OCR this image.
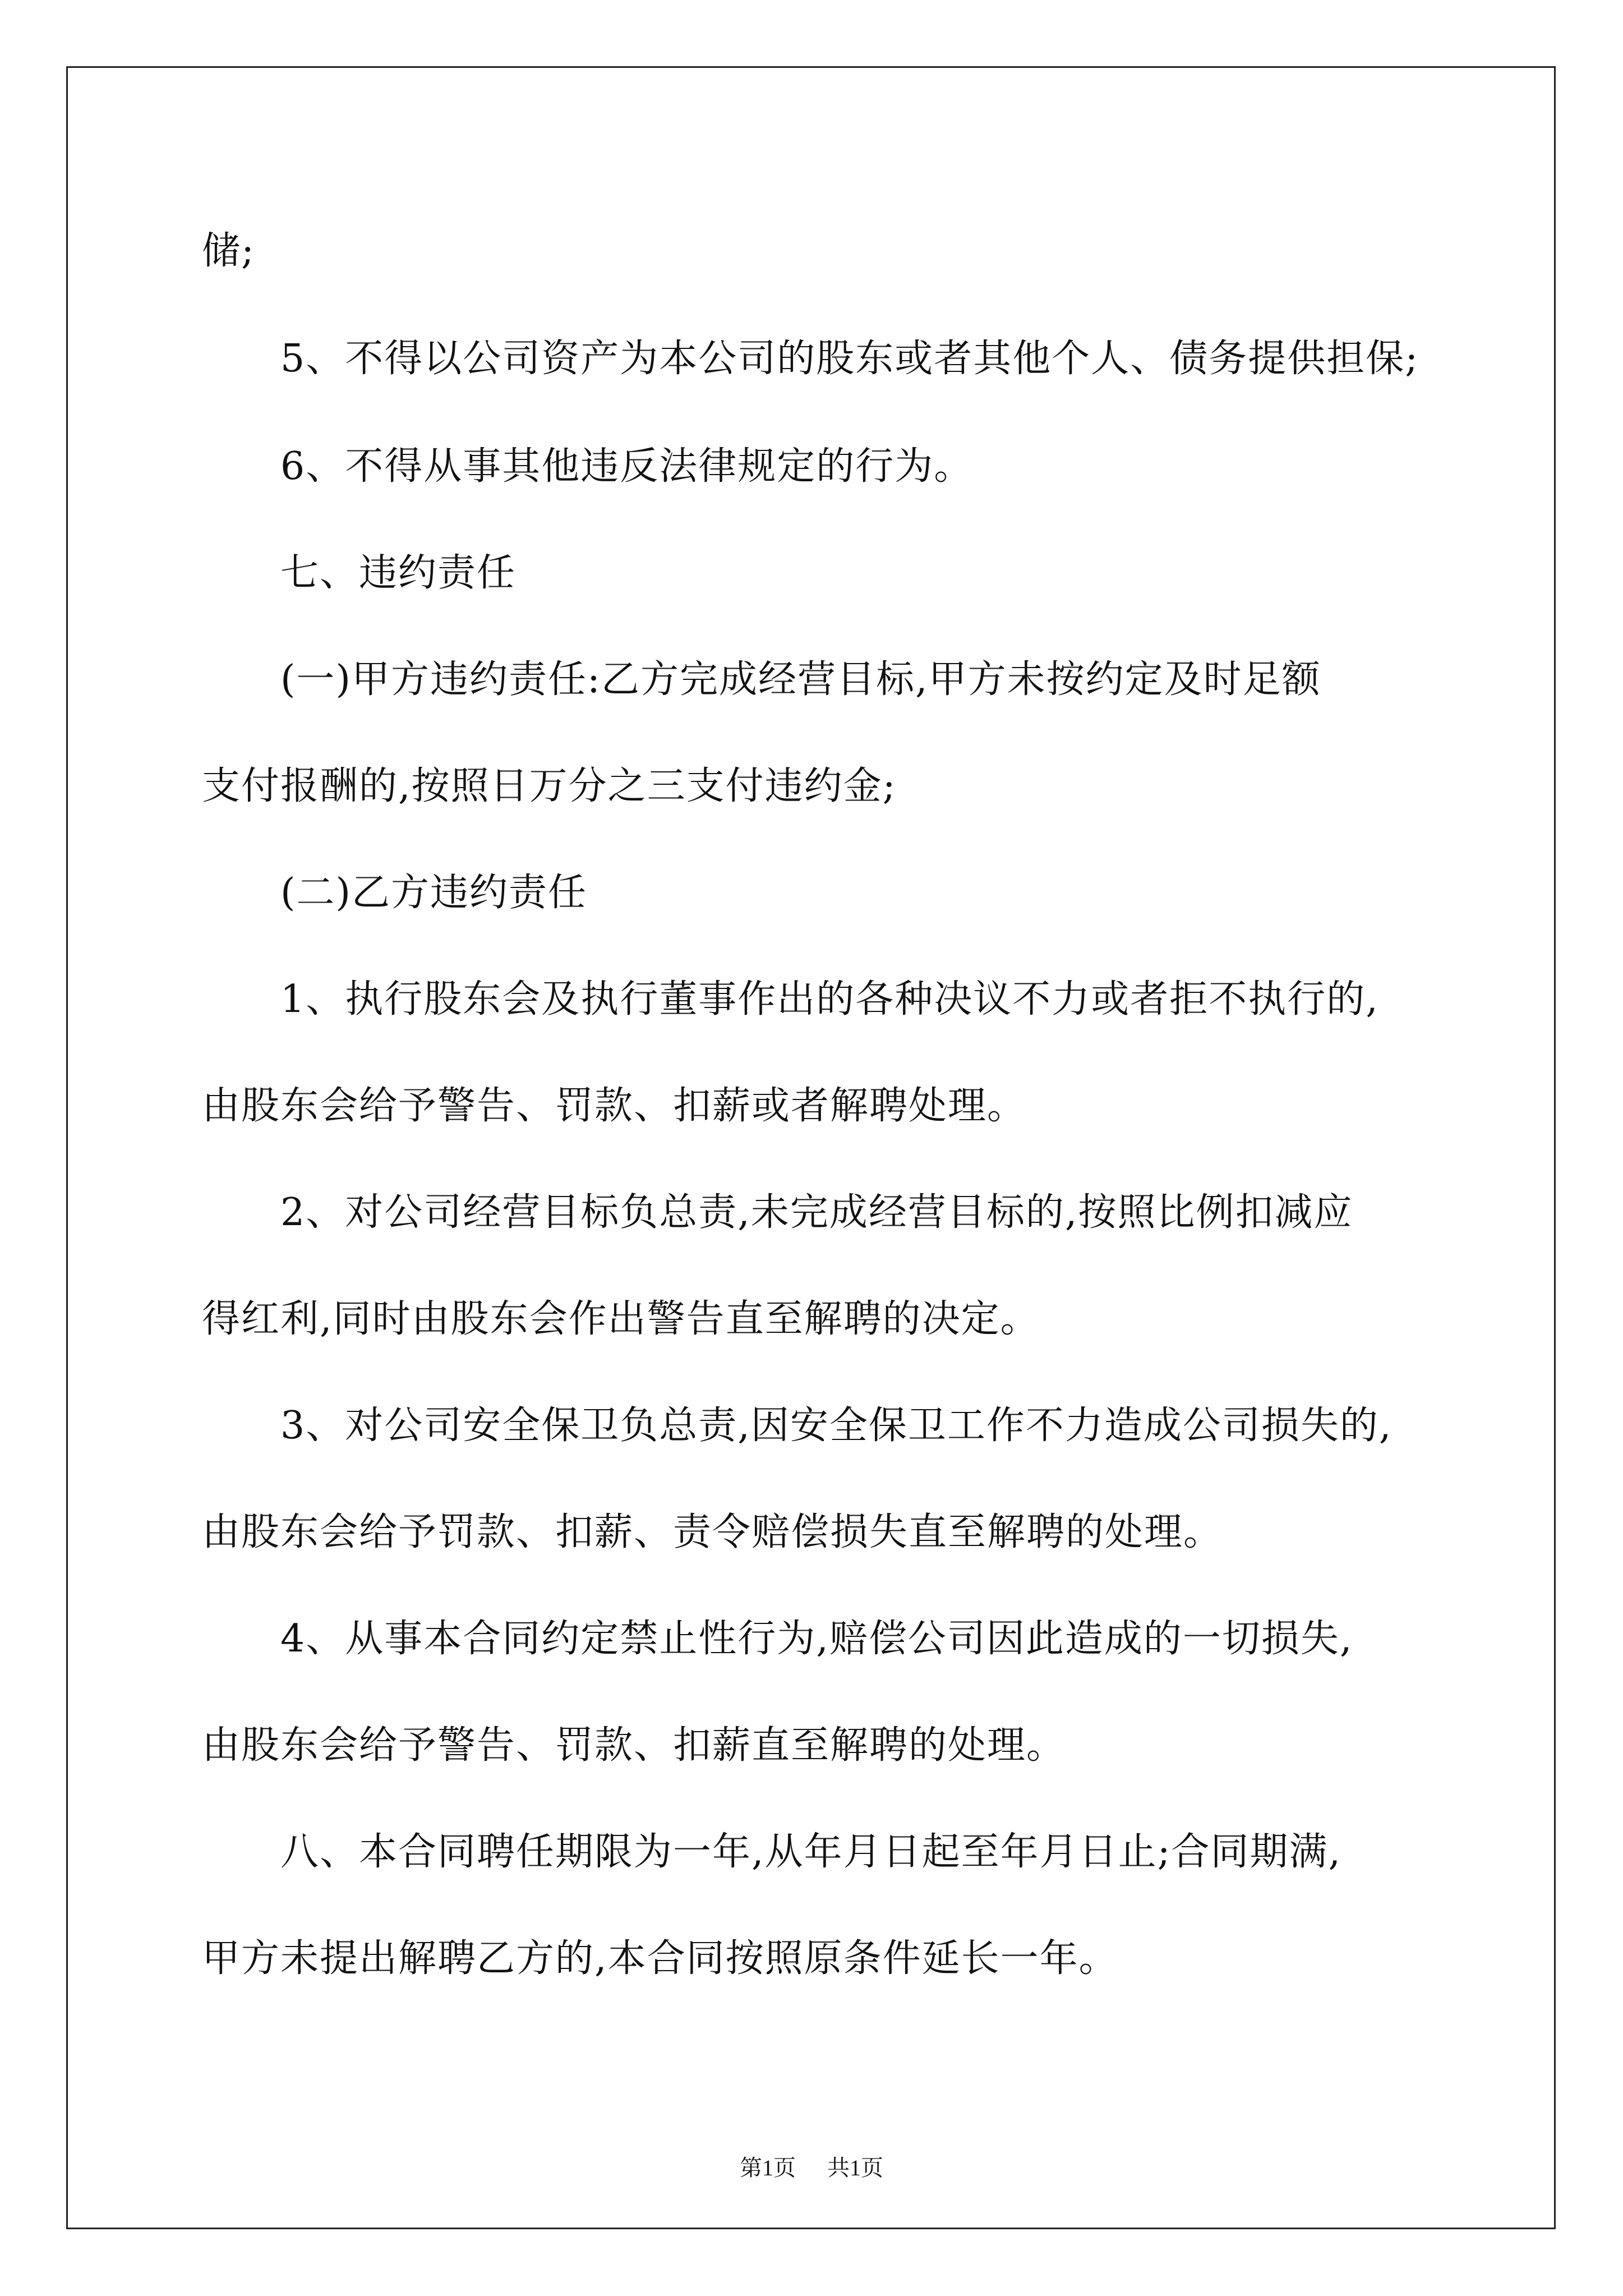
储;
5、不得以公司资产为本公司的股东或者其他个人、债务提供担保;
6、不得从事其他违反法律规定的行为。
七、违约责任
(一)甲方违约责任:乙方完成经营目标,甲方未按约定及时足额
支付报酬的,按照日万分之三支付违约金;
(二)乙方违约责任
1、执行股东会及执行董事作出的各种决议不力或者拒不执行的,
由股东会给予警告、罚款、扣薪或者解聘处理。
2、对公司经营目标负总责,未完成经营目标的,按照比例扣减应
得红利,同时由股东会作出警告直至解聘的决定。
3、对公司安全保卫负总责,因安全保卫工作不力造成公司损失的,
由股东会给予罚款、扣薪、责令赔偿损失直至解聘的处理。
4、从事本合同约定禁止性行为,赔偿公司因此造成的一切损失,
由股东会给予警告、罚款、扣薪直至解聘的处理。
八、本合同聘任期限为一年,从年月日起至年月日止;合同期满,
甲方未提出解聘乙方的,本合同按照原条件延长一年。
第1页 共1页
